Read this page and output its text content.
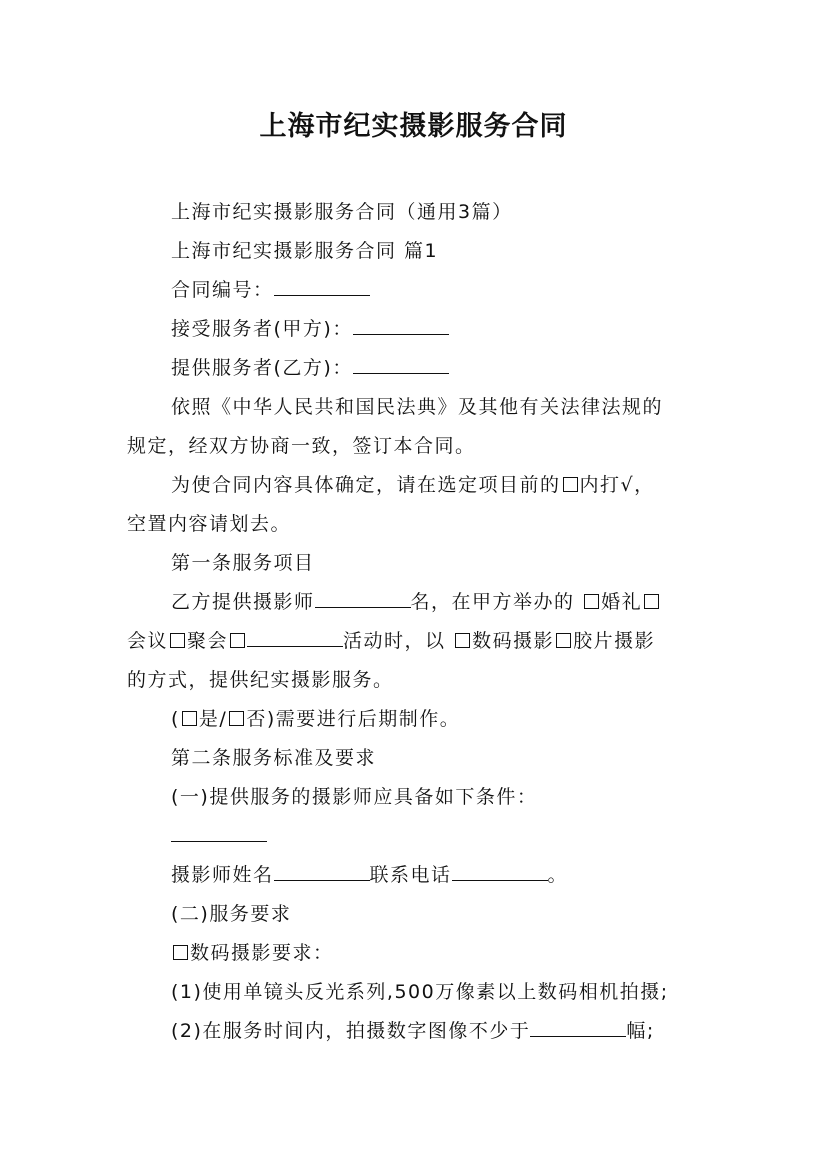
上海市纪实摄影服务合同
上海市纪实摄影服务合同（通用3篇）
上海市纪实摄影服务合同 篇1
合同编号：
接受服务者(甲方)：
提供服务者(乙方)：
依照《中华人民共和国民法典》及其他有关法律法规的
规定，经双方协商一致，签订本合同。
为使合同内容具体确定，请在选定项目前的 内打√，
空置内容请划去。
第一条服务项目
乙方提供摄影师	名，在甲方举办的 婚礼
会议 聚会	活动时，以 数码摄影 胶片摄影
的方式，提供纪实摄影服务。
( 是/ 否)需要进行后期制作。
第二条服务标准及要求
(一)提供服务的摄影师应具备如下条件：
摄影师姓名	联系电话	。
(二)服务要求
数码摄影要求：
(1)使用单镜头反光系列,500万像素以上数码相机拍摄;
(2)在服务时间内，拍摄数字图像不少于	幅;
